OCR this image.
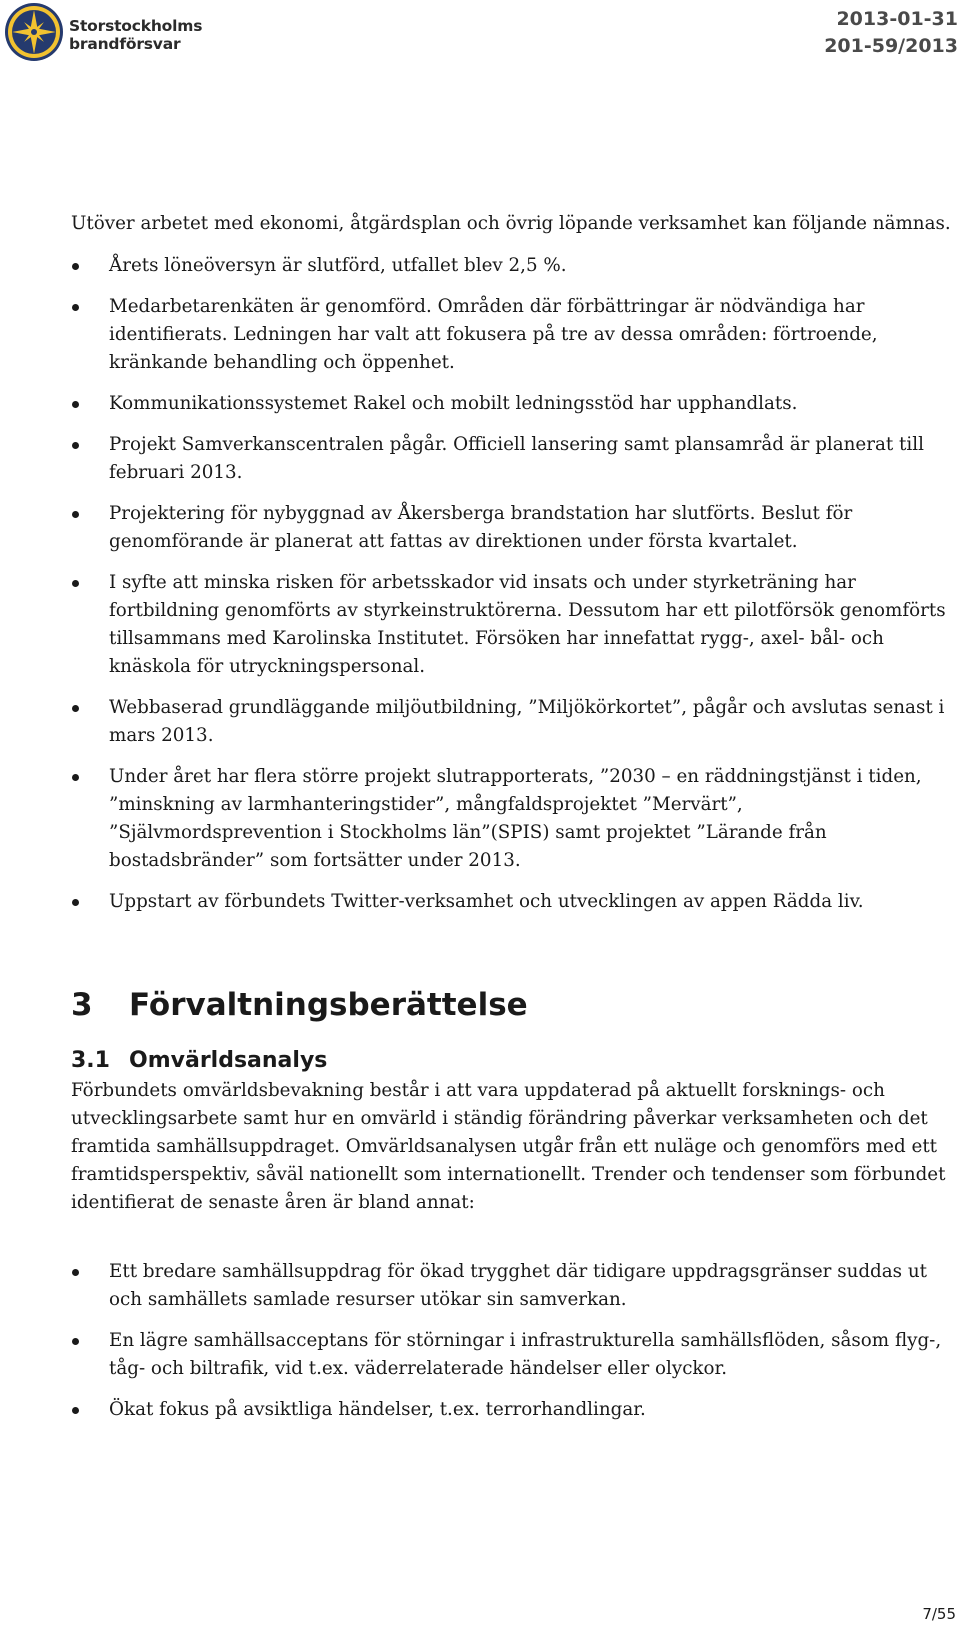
Storstockholms
brandförsvar
2013-01-31
201-59/2013

Utöver arbetet med ekonomi, åtgärdsplan och övrig löpande verksamhet kan följande nämnas.

Årets löneöversyn är slutförd, utfallet blev 2,5 %.
Medarbetarenkäten är genomförd. Områden där förbättringar är nödvändiga har identifierats. Ledningen har valt att fokusera på tre av dessa områden: förtroende, kränkande behandling och öppenhet.
Kommunikationssystemet Rakel och mobilt ledningsstöd har upphandlats.
Projekt Samverkanscentralen pågår. Officiell lansering samt plansamråd är planerat till februari 2013.
Projektering för nybyggnad av Åkersberga brandstation har slutförts. Beslut för genomförande är planerat att fattas av direktionen under första kvartalet.
I syfte att minska risken för arbetsskador vid insats och under styrketräning har fortbildning genomförts av styrkeinstruktörerna. Dessutom har ett pilotförsök genomförts tillsammans med Karolinska Institutet. Försöken har innefattat rygg-, axel- bål- och knäskola för utryckningspersonal.
Webbaserad grundläggande miljöutbildning, ”Miljökörkortet”, pågår och avslutas senast i mars 2013.
Under året har flera större projekt slutrapporterats, ”2030 – en räddningstjänst i tiden, ”minskning av larmhanteringstider”, mångfaldsprojektet ”Mervärt”, ”Självmordsprevention i Stockholms län”(SPIS) samt projektet ”Lärande från bostadsbränder” som fortsätter under 2013.
Uppstart av förbundets Twitter-verksamhet och utvecklingen av appen Rädda liv.
3	Förvaltningsberättelse
3.1 Omvärldsanalys

Förbundets omvärldsbevakning består i att vara uppdaterad på aktuellt forsknings- och utvecklingsarbete samt hur en omvärld i ständig förändring påverkar verksamheten och det framtida samhällsuppdraget. Omvärldsanalysen utgår från ett nuläge och genomförs med ett framtidsperspektiv, såväl nationellt som internationellt. Trender och tendenser som förbundet identifierat de senaste åren är bland annat:

Ett bredare samhällsuppdrag för ökad trygghet där tidigare uppdragsgränser suddas ut och samhällets samlade resurser utökar sin samverkan.
En lägre samhällsacceptans för störningar i infrastrukturella samhällsflöden, såsom flyg-, tåg- och biltrafik, vid t.ex. väderrelaterade händelser eller olyckor.
Ökat fokus på avsiktliga händelser, t.ex. terrorhandlingar.
7/55
